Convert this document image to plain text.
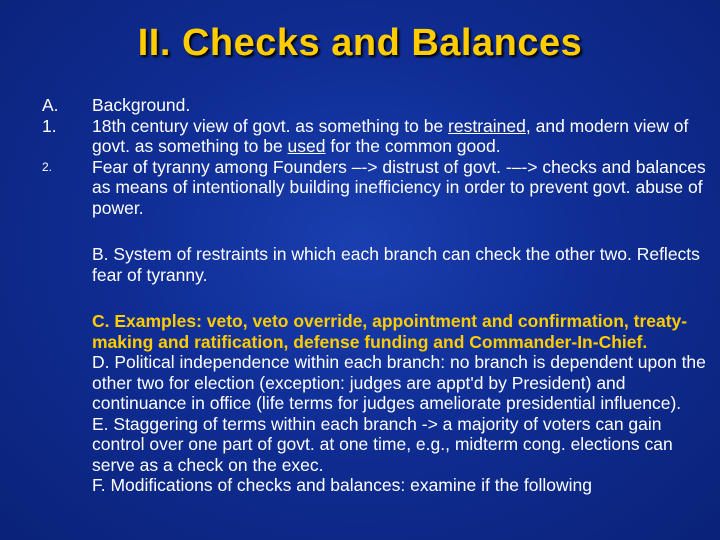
II. Checks and Balances
A.	Background.
1.	18th century view of govt. as something to be restrained, and modern view of govt. as something to be used for the common good.
2.	Fear of tyranny among Founders –-> distrust of govt. -–-> checks and balances as means of intentionally building inefficiency in order to prevent govt. abuse of power.
B. System of restraints in which each branch can check the other two. Reflects fear of tyranny.
C. Examples: veto, veto override, appointment and confirmation, treaty-making and ratification, defense funding and Commander-In-Chief.
D. Political independence within each branch: no branch is dependent upon the other two for election (exception: judges are appt'd by President) and continuance in office (life terms for judges ameliorate presidential influence).
E. Staggering of terms within each branch -> a majority of voters can gain control over one part of govt. at one time, e.g., midterm cong. elections can serve as a check on the exec.
F. Modifications of checks and balances: examine if the following
